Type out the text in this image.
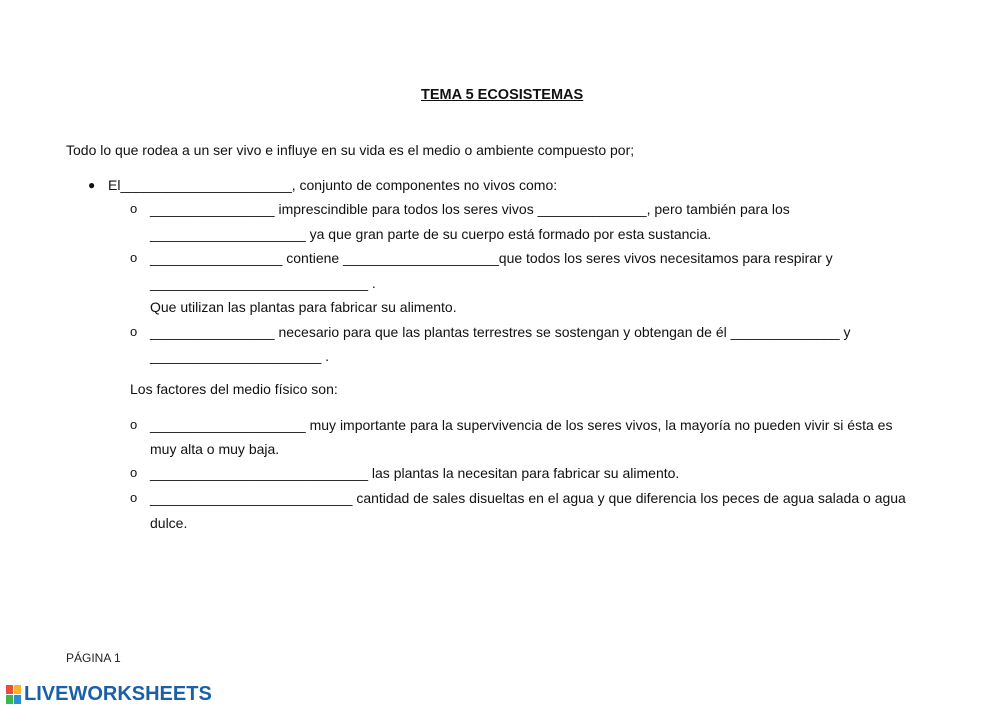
TEMA 5 ECOSISTEMAS
Todo lo que rodea a un ser vivo e influye en su vida es el medio o ambiente compuesto por;
● El______________________, conjunto de componentes no vivos como:
o ________________ imprescindible para todos los seres vivos ______________, pero también para los
____________________ ya que gran parte de su cuerpo está formado por esta sustancia.
o _________________ contiene ____________________que todos los seres vivos necesitamos para respirar y
____________________________ .
Que utilizan las plantas para fabricar su alimento.
o ________________ necesario para que las plantas terrestres se sostengan y obtengan de él ______________ y
______________________ .
Los factores del medio físico son:
o ____________________ muy importante para la supervivencia de los seres vivos, la mayoría no pueden vivir si ésta es
muy alta o muy baja.
o ____________________________ las plantas la necesitan para fabricar su alimento.
o __________________________ cantidad de sales disueltas en el agua y que diferencia los peces de agua salada o agua
dulce.
PÁGINA 1
LIVEWORKSHEETS
